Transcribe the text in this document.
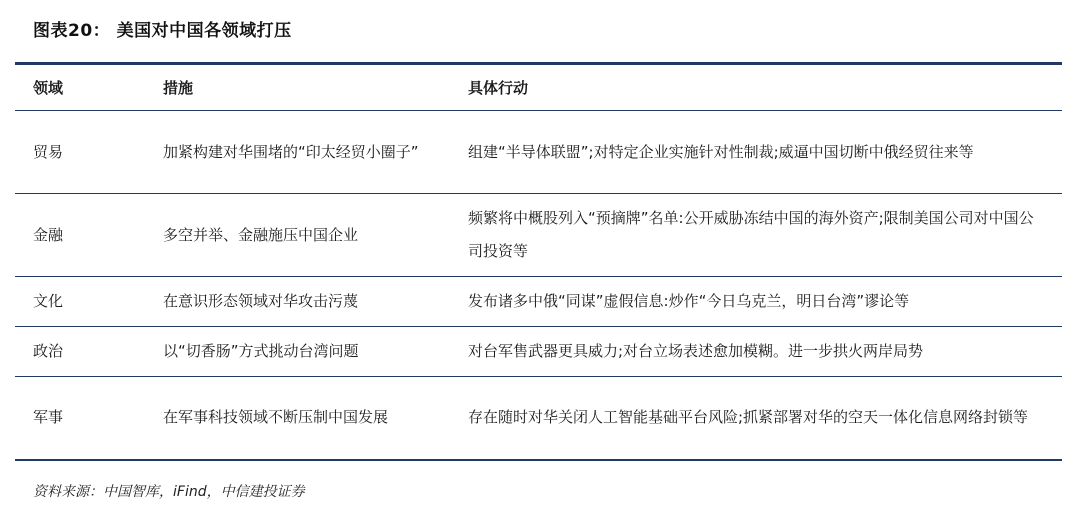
图表20： 美国对中国各领域打压
领域	措施	具体行动
贸易	加紧构建对华围堵的“印太经贸小圈子”	组建“半导体联盟”;对特定企业实施针对性制裁;威逼中国切断中俄经贸往来等
金融	多空并举、金融施压中国企业	频繁将中概股列入“预摘牌”名单:公开威胁冻结中国的海外资产;限制美国公司对中国公司投资等
文化	在意识形态领域对华攻击污蔑	发布诸多中俄“同谋”虚假信息:炒作“今日乌克兰，明日台湾”谬论等
政治	以“切香肠”方式挑动台湾问题	对台军售武器更具威力;对台立场表述愈加模糊。进一步拱火两岸局势
军事	在军事科技领域不断压制中国发展	存在随时对华关闭人工智能基础平台风险;抓紧部署对华的空天一体化信息网络封锁等
资料来源：中国智库，iFind，中信建投证券
